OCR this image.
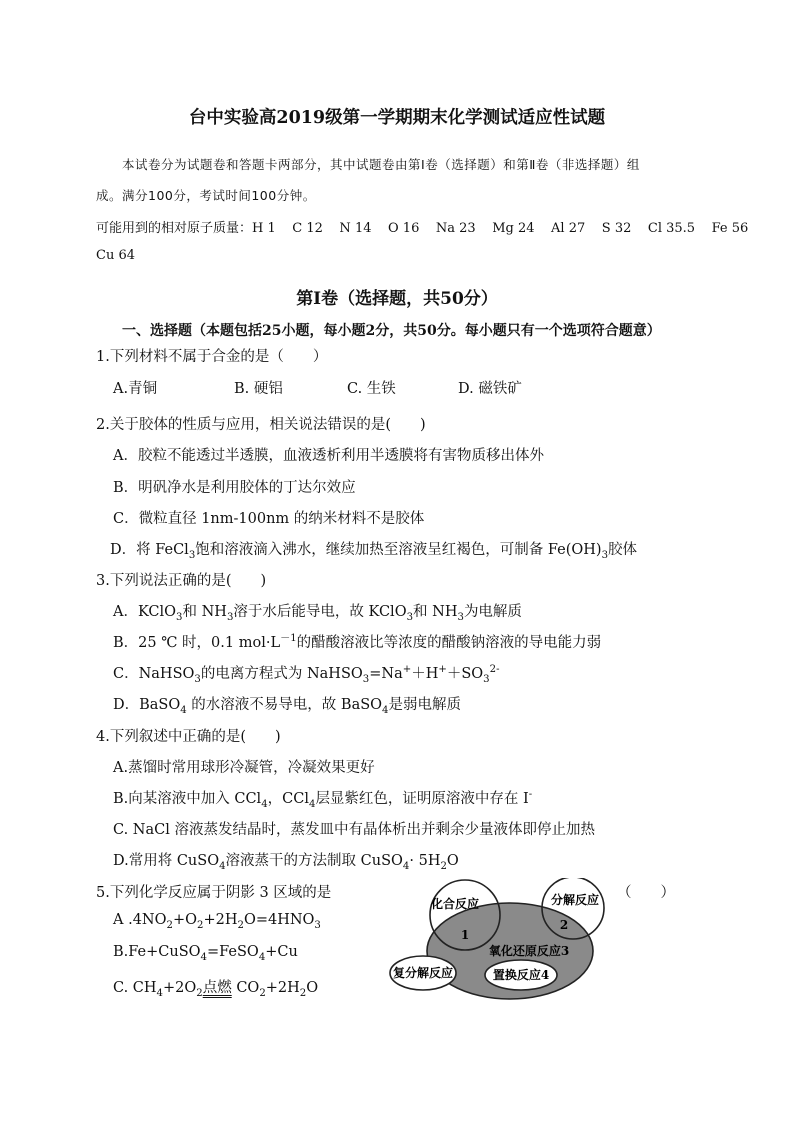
台中实验高2019级第一学期期末化学测试适应性试题
本试卷分为试题卷和答题卡两部分，其中试题卷由第Ⅰ卷（选择题）和第Ⅱ卷（非选择题）组
成。满分100分，考试时间100分钟。
可能用到的相对原子质量：H 1    C 12    N 14    O 16    Na 23    Mg 24    Al 27    S 32    Cl 35.5    Fe 56
Cu 64
第Ⅰ卷（选择题，共50分）
一、选择题（本题包括25小题，每小题2分，共50分。每小题只有一个选项符合题意）
1.下列材料不属于合金的是（　　）
A.青铜	B. 硬铝	C. 生铁	D. 磁铁矿
2.关于胶体的性质与应用，相关说法错误的是(　　)
A．胶粒不能透过半透膜，血液透析利用半透膜将有害物质移出体外
B．明矾净水是利用胶体的丁达尔效应
C．微粒直径 1nm-100nm 的纳米材料不是胶体
D．将 FeCl$_3$饱和溶液滴入沸水，继续加热至溶液呈红褐色，可制备 $Fe(OH)_3$胶体
3.下列说法正确的是(　　)
A．KClO$_3$和 $NH_3$溶于水后能导电，故 KClO$_3$和 $NH_3$为电解质
B．25 ℃ 时，0.1 $mol\cdot L^{-1}$的醋酸溶液比等浓度的醋酸钠溶液的导电能力弱
C．NaHSO$_3$的电离方程式为 $NaHSO_3=Na^++H^++SO_3^{2-}$
D．BaSO$_4$ 的水溶液不易导电，故 BaSO$_4$是弱电解质
4.下列叙述中正确的是(　　)
A.蒸馏时常用球形冷凝管，冷凝效果更好
B.向某溶液中加入 CCl$_4$，CCl$_4$层显紫红色，证明原溶液中存在 I-
C. NaCl 溶液蒸发结晶时，蒸发皿中有晶体析出并剩余少量液体即停止加热
D.常用将 CuSO$_4$溶液蒸干的方法制取 CuSO$_4$· $5H_2O$
5.下列化学反应属于阴影 3 区域的是	（　　）
A $.4NO_2+O_2+2H_2O=4HNO_3$
B.Fe+CuSO$_4$=FeSO$_4$+Cu
C. $CH_4+2O_2$点燃 $CO_2+2H_2O$
化合反应	分解反应
1
2
氧化还原反应3
复分解反应	置换反应4
